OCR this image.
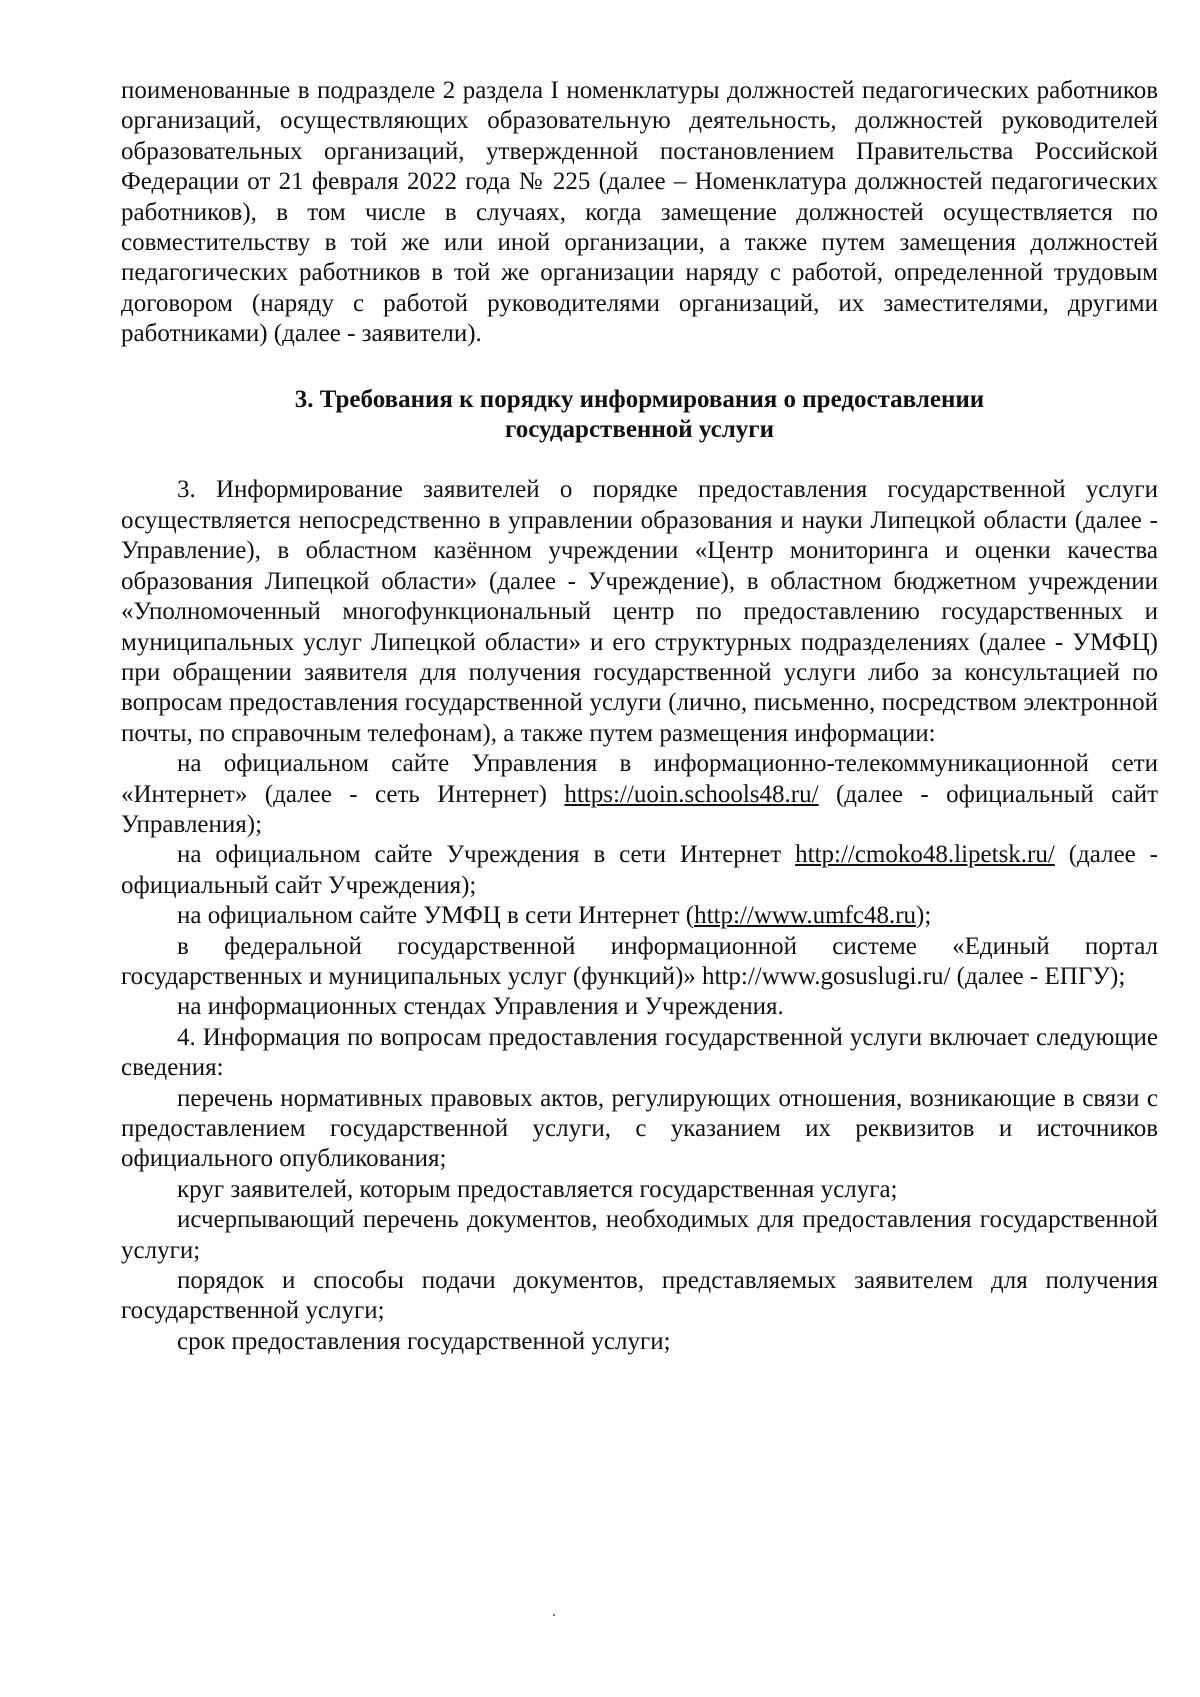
поименованные в подразделе 2 раздела I номенклатуры должностей педагогических работников организаций, осуществляющих образовательную деятельность, должностей руководителей образовательных организаций, утвержденной постановлением Правительства Российской Федерации от 21 февраля 2022 года № 225 (далее – Номенклатура должностей педагогических работников), в том числе в случаях, когда замещение должностей осуществляется по совместительству в той же или иной организации, а также путем замещения должностей педагогических работников в той же организации наряду с работой, определенной трудовым договором (наряду с работой руководителями организаций, их заместителями, другими работниками) (далее - заявители).

3. Требования к порядку информирования о предоставлении
государственной услуги

3. Информирование заявителей о порядке предоставления государственной услуги осуществляется непосредственно в управлении образования и науки Липецкой области (далее - Управление), в областном казённом учреждении «Центр мониторинга и оценки качества образования Липецкой области» (далее - Учреждение), в областном бюджетном учреждении «Уполномоченный многофункциональный центр по предоставлению государственных и муниципальных услуг Липецкой области» и его структурных подразделениях (далее - УМФЦ) при обращении заявителя для получения государственной услуги либо за консультацией по вопросам предоставления государственной услуги (лично, письменно, посредством электронной почты, по справочным телефонам), а также путем размещения информации:

на официальном сайте Управления в информационно-телекоммуникационной сети «Интернет» (далее - сеть Интернет) https://uoin.schools48.ru/ (далее - официальный сайт Управления);

на официальном сайте Учреждения в сети Интернет http://cmoko48.lipetsk.ru/ (далее - официальный сайт Учреждения);

на официальном сайте УМФЦ в сети Интернет (http://www.umfc48.ru);

в федеральной государственной информационной системе «Единый портал государственных и муниципальных услуг (функций)» http://www.gosuslugi.ru/ (далее - ЕПГУ);

на информационных стендах Управления и Учреждения.

4. Информация по вопросам предоставления государственной услуги включает следующие сведения:

перечень нормативных правовых актов, регулирующих отношения, возникающие в связи с предоставлением государственной услуги, с указанием их реквизитов и источников официального опубликования;

круг заявителей, которым предоставляется государственная услуга;

исчерпывающий перечень документов, необходимых для предоставления государственной услуги;

порядок и способы подачи документов, представляемых заявителем для получения государственной услуги;

срок предоставления государственной услуги;
